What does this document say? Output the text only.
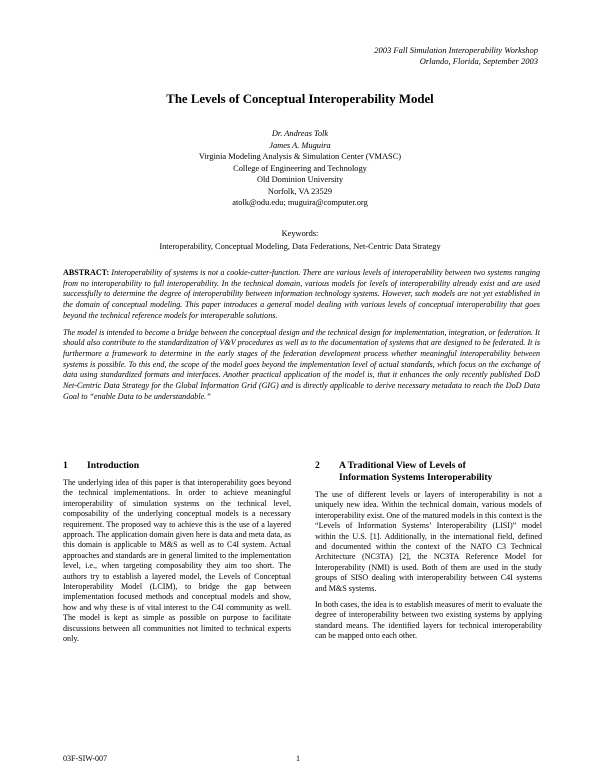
2003 Fall Simulation Interoperability Workshop
Orlando, Florida, September 2003
The Levels of Conceptual Interoperability Model
Dr. Andreas Tolk
James A. Muguira
Virginia Modeling Analysis & Simulation Center (VMASC)
College of Engineering and Technology
Old Dominion University
Norfolk, VA 23529
atolk@odu.edu; muguira@computer.org
Keywords:
Interoperability, Conceptual Modeling, Data Federations, Net-Centric Data Strategy

ABSTRACT: Interoperability of systems is not a cookie-cutter-function. There are various levels of interoperability between two systems ranging from no interoperability to full interoperability. In the technical domain, various models for levels of interoperability already exist and are used successfully to determine the degree of interoperability between information technology systems. However, such models are not yet established in the domain of conceptual modeling. This paper introduces a general model dealing with various levels of conceptual interoperability that goes beyond the technical reference models for interoperable solutions.

The model is intended to become a bridge between the conceptual design and the technical design for implementation, integration, or federation. It should also contribute to the standardization of V&V procedures as well as to the documentation of systems that are designed to be federated. It is furthermore a framework to determine in the early stages of the federation development process whether meaningful interoperability between systems is possible. To this end, the scope of the model goes beyond the implementation level of actual standards, which focus on the exchange of data using standardized formats and interfaces. Another practical application of the model is, that it enhances the only recently published DoD Net-Centric Data Strategy for the Global Information Grid (GIG) and is directly applicable to derive necessary metadata to reach the DoD Data Goal to “enable Data to be understandable.”

1 Introduction

The underlying idea of this paper is that interoperability goes beyond the technical implementations. In order to achieve meaningful interoperability of simulation systems on the technical level, composability of the underlying conceptual models is a necessary requirement. The proposed way to achieve this is the use of a layered approach. The application domain given here is data and meta data, as this domain is applicable to M&S as well as to C4I system. Actual approaches and standards are in general limited to the implementation level, i.e., when targeting composability they aim too short. The authors try to establish a layered model, the Levels of Conceptual Interoperability Model (LCIM), to bridge the gap between implementation focused methods and conceptual models and show, how and why these is of vital interest to the C4I community as well. The model is kept as simple as possible on purpose to facilitate discussions between all communities not limited to technical experts only.

2 A Traditional View of Levels of
Information Systems Interoperability

The use of different levels or layers of interoperability is not a uniquely new idea. Within the technical domain, various models of interoperability exist. One of the matured models in this context is the “Levels of Information Systems’ Interoperability (LISI)” model within the U.S. [1]. Additionally, in the international field, defined and documented within the context of the NATO C3 Technical Architecture (NC3TA) [2], the NC3TA Reference Model for Interoperability (NMI) is used. Both of them are used in the study groups of SISO dealing with interoperability between C4I systems and M&S systems.

In both cases, the idea is to establish measures of merit to evaluate the degree of interoperability between two existing systems by applying standard means. The identified layers for technical interoperability can be mapped onto each other.

03F-SIW-007	1
